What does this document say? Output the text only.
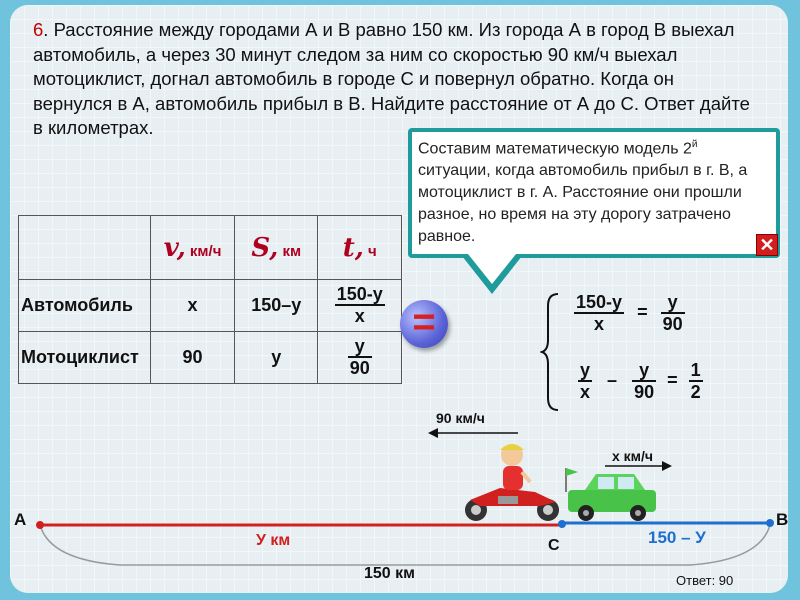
6. Расстояние между городами А и В равно 150 км. Из города А в город В выехал автомобиль, а через 30 минут следом за ним со скоростью 90 км/ч выехал мотоциклист, догнал автомобиль в городе С и повернул обратно. Когда он вернулся в А, автомобиль прибыл в В. Найдите расстояние от А до С. Ответ дайте в километрах.
Составим математическую модель $2^й$ ситуации, когда автомобиль прибыл в г. В, а мотоциклист в г. А. Расстояние они прошли разное, но время на эту дорогу затрачено равное.	✕
	v, км/ч	S, км	t, ч
Автомобиль	х	150–у	$\frac{150-у}{х}$

Мотоциклист	90	у	$\frac{у}{90}$
=	$\frac{150-у}{х} = \frac{у}{90}$
$\frac{у}{х} - \frac{у}{90} = \frac{1}{2}$
90 км/ч
х км/ч
А	В
С
У км	150 – У
150 км	Ответ: 90
